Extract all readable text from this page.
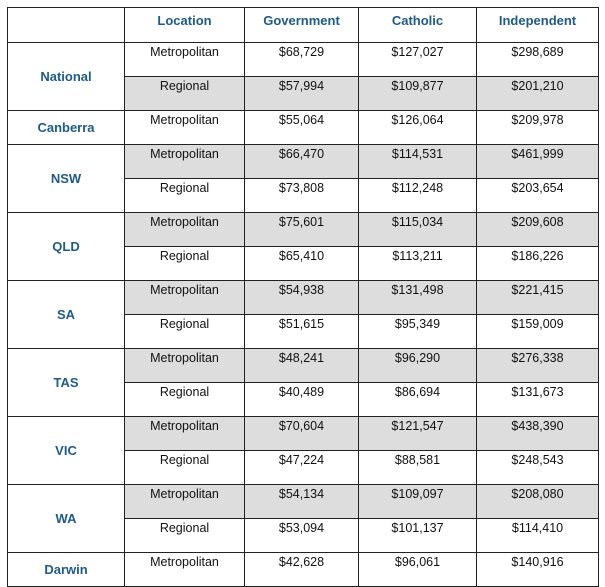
	Location	Government	Catholic	Independent
National	Metropolitan	$68,729	$127,027	$298,689
	Regional	$57,994	$109,877	$201,210
Canberra	Metropolitan	$55,064	$126,064	$209,978
NSW	Metropolitan	$66,470	$114,531	$461,999
	Regional	$73,808	$112,248	$203,654
QLD	Metropolitan	$75,601	$115,034	$209,608
	Regional	$65,410	$113,211	$186,226
SA	Metropolitan	$54,938	$131,498	$221,415
	Regional	$51,615	$95,349	$159,009
TAS	Metropolitan	$48,241	$96,290	$276,338
	Regional	$40,489	$86,694	$131,673
VIC	Metropolitan	$70,604	$121,547	$438,390
	Regional	$47,224	$88,581	$248,543
WA	Metropolitan	$54,134	$109,097	$208,080
	Regional	$53,094	$101,137	$114,410
Darwin	Metropolitan	$42,628	$96,061	$140,916
